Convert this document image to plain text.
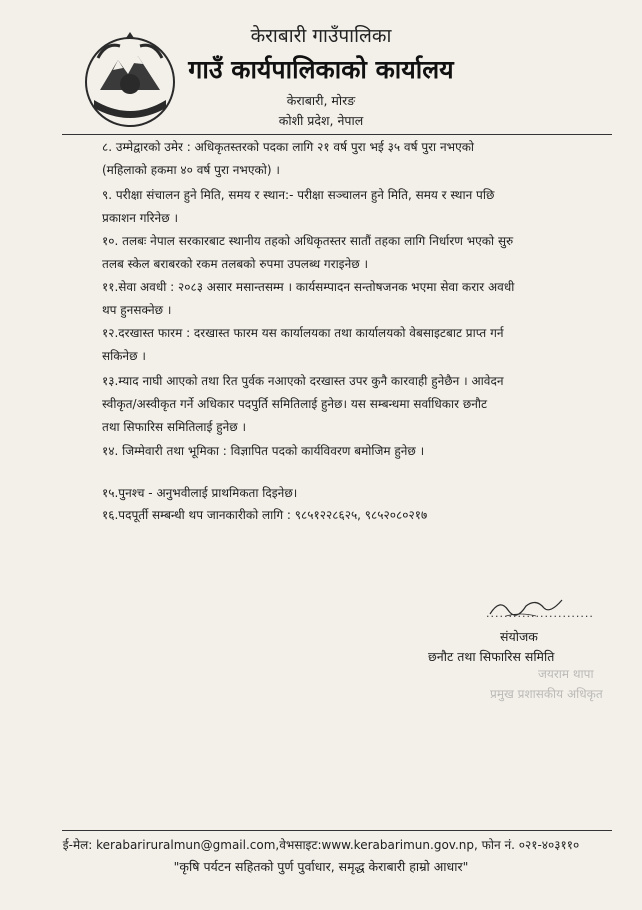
केराबारी गाउँपालिका
गाउँ कार्यपालिकाको कार्यालय
केराबारी, मोरङ
कोशी प्रदेश, नेपाल
८. उम्मेद्वारको उमेर : अधिकृतस्तरको पदका लागि २१ वर्ष पुरा भई ३५ वर्ष पुरा नभएको
(महिलाको हकमा ४० वर्ष पुरा नभएको) ।
९. परीक्षा संचालन हुने मिति, समय र स्थान:- परीक्षा सञ्चालन हुने मिति, समय र स्थान पछि
प्रकाशन गरिनेछ ।
१०. तलबः नेपाल सरकारबाट स्थानीय तहको अधिकृतस्तर सातौं तहका लागि निर्धारण भएको सुरु
तलब स्केल बराबरको रकम तलबको रुपमा उपलब्ध गराइनेछ ।
११.सेवा अवधी : २०८३ असार मसान्तसम्म । कार्यसम्पादन सन्तोषजनक भएमा सेवा करार अवधी
थप हुनसक्नेछ ।
१२.दरखास्त फारम : दरखास्त फारम यस कार्यालयका तथा कार्यालयको वेबसाइटबाट प्राप्त गर्न
सकिनेछ ।
१३.म्याद नाघी आएको तथा रित पुर्वक नआएको दरखास्त उपर कुनै कारवाही हुनेछैन । आवेदन
स्वीकृत/अस्वीकृत गर्ने अधिकार पदपुर्ति समितिलाई हुनेछ। यस सम्बन्धमा सर्वाधिकार छनौट
तथा सिफारिस समितिलाई हुनेछ ।
१४. जिम्मेवारी तथा भूमिका : विज्ञापित पदको कार्यविवरण बमोजिम हुनेछ ।
१५.पुनश्च - अनुभवीलाई प्राथमिकता दिइनेछ।
१६.पदपूर्ती सम्बन्धी थप जानकारीको लागि : ९८५१२२८६२५, ९८५२०८०२१७
........................
संयोजक
छनौट तथा सिफारिस समिति
जयराम थापा
प्रमुख प्रशासकीय अधिकृत
ई-मेल: kerabariruralmun@gmail.com,वेभसाइट:www.kerabarimun.gov.np, फोन नं. ०२१-४०३११०
"कृषि पर्यटन सहितको पुर्ण पुर्वाधार, समृद्ध केराबारी हाम्रो आधार"
